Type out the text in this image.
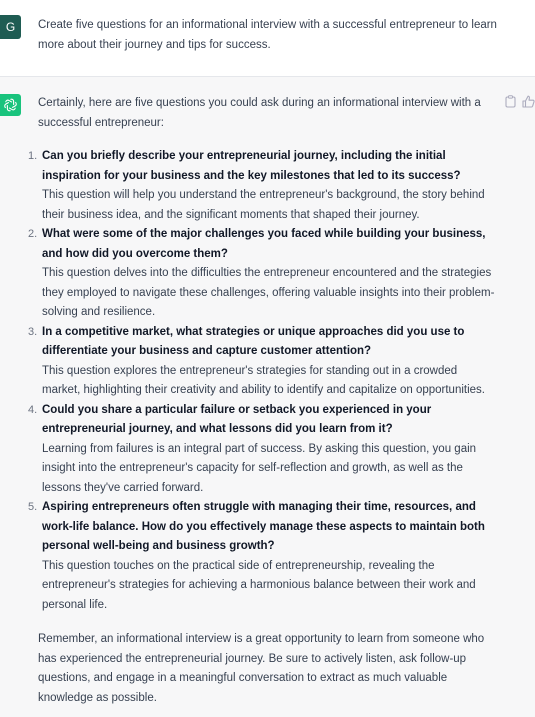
G	Create five questions for an informational interview with a successful entrepreneur to learn more about their journey and tips for success.
Certainly, here are five questions you could ask during an informational interview with a successful entrepreneur:
1. Can you briefly describe your entrepreneurial journey, including the initial inspiration for your business and the key milestones that led to its success?
This question will help you understand the entrepreneur's background, the story behind their business idea, and the significant moments that shaped their journey.
2. What were some of the major challenges you faced while building your business, and how did you overcome them?
This question delves into the difficulties the entrepreneur encountered and the strategies they employed to navigate these challenges, offering valuable insights into their problem-solving and resilience.
3. In a competitive market, what strategies or unique approaches did you use to differentiate your business and capture customer attention?
This question explores the entrepreneur's strategies for standing out in a crowded market, highlighting their creativity and ability to identify and capitalize on opportunities.
4. Could you share a particular failure or setback you experienced in your entrepreneurial journey, and what lessons did you learn from it?
Learning from failures is an integral part of success. By asking this question, you gain insight into the entrepreneur's capacity for self-reflection and growth, as well as the lessons they've carried forward.
5. Aspiring entrepreneurs often struggle with managing their time, resources, and work-life balance. How do you effectively manage these aspects to maintain both personal well-being and business growth?
This question touches on the practical side of entrepreneurship, revealing the entrepreneur's strategies for achieving a harmonious balance between their work and personal life.
Remember, an informational interview is a great opportunity to learn from someone who has experienced the entrepreneurial journey. Be sure to actively listen, ask follow-up questions, and engage in a meaningful conversation to extract as much valuable knowledge as possible.
